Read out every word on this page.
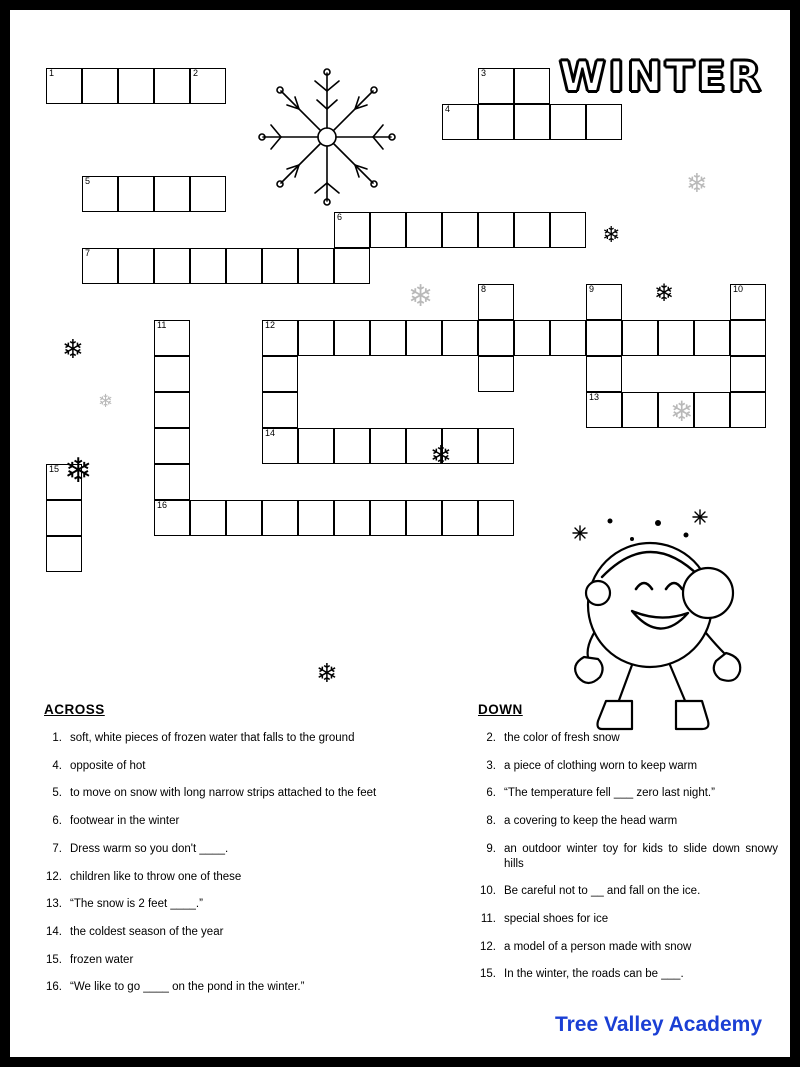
WINTER
1	2	3
4
5
6
7
8	9	10
11	12
13
14
15
16
❄
❄
❄	❄
❄
❄	❄
❄
❄
❄
ACROSS
1. soft, white pieces of frozen water that falls to the ground
4. opposite of hot
5. to move on snow with long narrow strips attached to the feet
6. footwear in the winter
7. Dress warm so you don't ____.
12. children like to throw one of these
13. “The snow is 2 feet ____.”
14. the coldest season of the year
15. frozen water
16. “We like to go ____ on the pond in the winter.”
DOWN
2. the color of fresh snow
3. a piece of clothing worn to keep warm
6. “The temperature fell ___ zero last night.”
8. a covering to keep the head warm
9. an outdoor winter toy for kids to slide down snowy hills
10. Be careful not to __ and fall on the ice.
11. special shoes for ice
12. a model of a person made with snow
15. In the winter, the roads can be ___.
Tree Valley Academy
